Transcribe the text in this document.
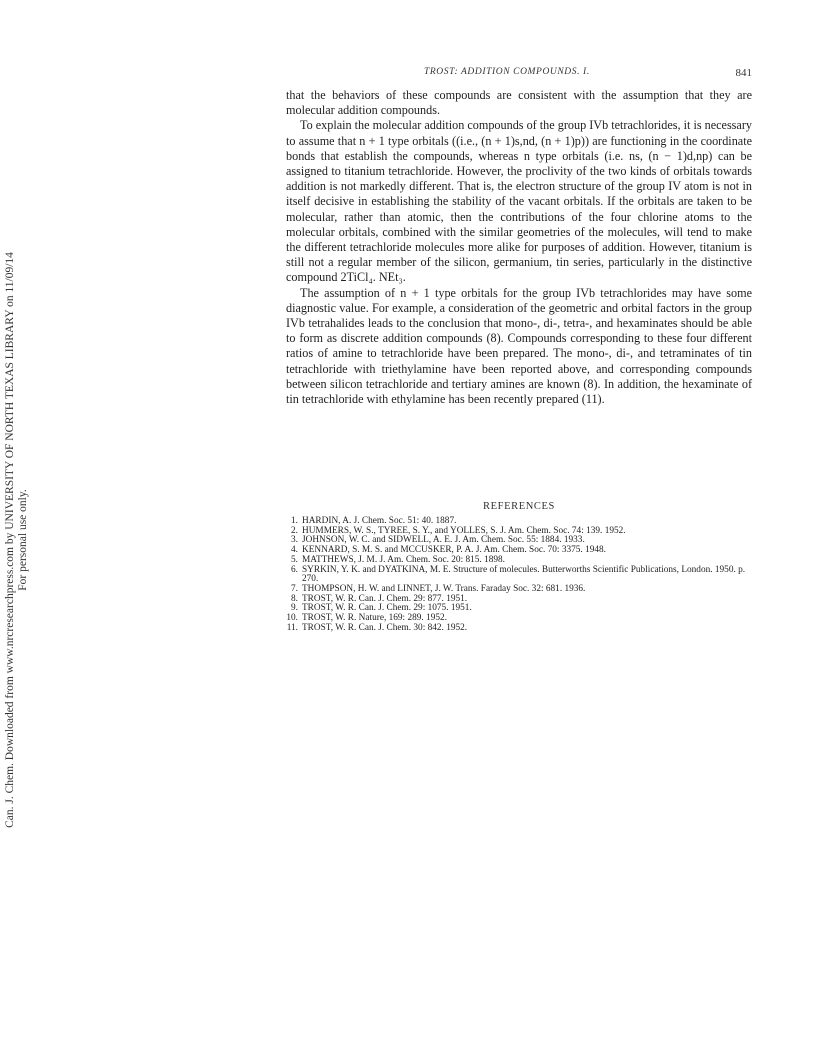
Can. J. Chem. Downloaded from www.nrcresearchpress.com by UNIVERSITY OF NORTH TEXAS LIBRARY on 11/09/14 For personal use only.
TROST: ADDITION COMPOUNDS. I.	841

that the behaviors of these compounds are consistent with the assumption that they are molecular addition compounds.

To explain the molecular addition compounds of the group IVb tetrachlorides, it is necessary to assume that n + 1 type orbitals ((i.e., (n + 1)s,nd, (n + 1)p)) are functioning in the coordinate bonds that establish the compounds, whereas n type orbitals (i.e. ns, (n − 1)d,np) can be assigned to titanium tetrachloride. However, the proclivity of the two kinds of orbitals towards addition is not markedly different. That is, the electron structure of the group IV atom is not in itself decisive in establishing the stability of the vacant orbitals. If the orbitals are taken to be molecular, rather than atomic, then the contributions of the four chlorine atoms to the molecular orbitals, combined with the similar geometries of the molecules, will tend to make the different tetrachloride molecules more alike for purposes of addition. However, titanium is still not a regular member of the silicon, germanium, tin series, particularly in the distinctive compound 2TiCl₄. NEt₃.

The assumption of n + 1 type orbitals for the group IVb tetrachlorides may have some diagnostic value. For example, a consideration of the geometric and orbital factors in the group IVb tetrahalides leads to the conclusion that mono-, di-, tetra-, and hexaminates should be able to form as discrete addition compounds (8). Compounds corresponding to these four different ratios of amine to tetrachloride have been prepared. The mono-, di-, and tetraminates of tin tetrachloride with triethylamine have been reported above, and corresponding compounds between silicon tetrachloride and tertiary amines are known (8). In addition, the hexaminate of tin tetrachloride with ethylamine has been recently prepared (11).

REFERENCES
1. HARDIN, A. J. Chem. Soc. 51: 40. 1887.
2. HUMMERS, W. S., TYREE, S. Y., and YOLLES, S. J. Am. Chem. Soc. 74: 139. 1952.
3. JOHNSON, W. C. and SIDWELL, A. E. J. Am. Chem. Soc. 55: 1884. 1933.
4. KENNARD, S. M. S. and MCCUSKER, P. A. J. Am. Chem. Soc. 70: 3375. 1948.
5. MATTHEWS, J. M. J. Am. Chem. Soc. 20: 815. 1898.
6. SYRKIN, Y. K. and DYATKINA, M. E. Structure of molecules. Butterworths Scientific Publications, London. 1950. p. 270.
7. THOMPSON, H. W. and LINNET, J. W. Trans. Faraday Soc. 32: 681. 1936.
8. TROST, W. R. Can. J. Chem. 29: 877. 1951.
9. TROST, W. R. Can. J. Chem. 29: 1075. 1951.
10. TROST, W. R. Nature, 169: 289. 1952.
11. TROST, W. R. Can. J. Chem. 30: 842. 1952.
